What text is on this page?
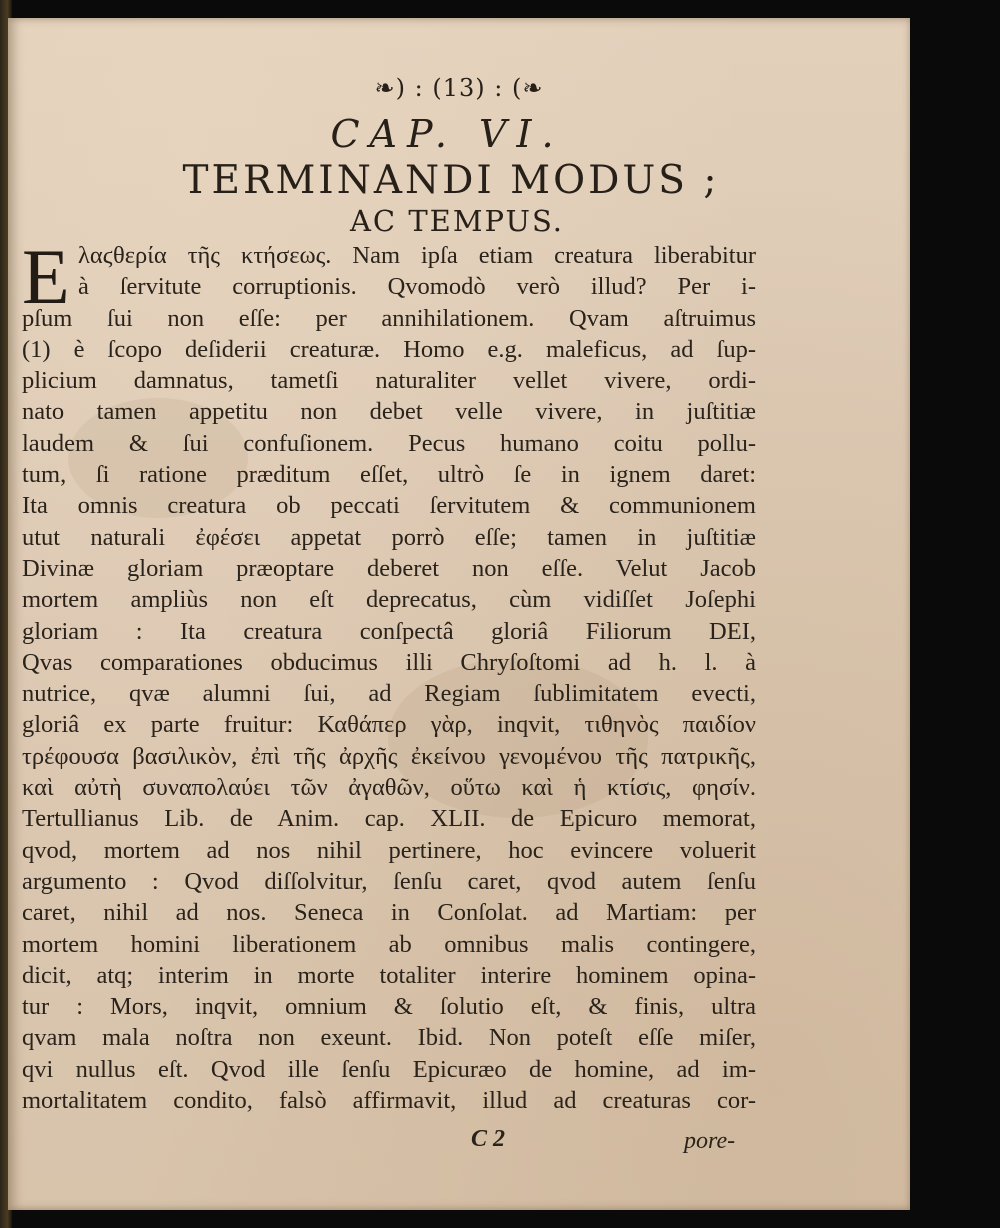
❧) : (13) : (❧
CAP. VI.
TERMINANDI MODUS ;
AC TEMPUS.
E λαϛθερία τῆς κτήσεως. Nam ipſa etiam creatura liberabitur
à ſervitute corruptionis. Qvomodò verò illud? Per i-
pſum ſui non eſſe: per annihilationem. Qvam aſtruimus
(1) è ſcopo deſiderii creaturæ. Homo e.g. maleficus, ad ſup-
plicium damnatus, tametſi naturaliter vellet vivere, ordi-
nato tamen appetitu non debet velle vivere, in juſtitiæ
laudem & ſui confuſionem. Pecus humano coitu pollu-
tum, ſi ratione præditum eſſet, ultrò ſe in ignem daret:
Ita omnis creatura ob peccati ſervitutem & communionem
utut naturali ἐφέσει appetat porrò eſſe; tamen in juſtitiæ
Divinæ gloriam præoptare deberet non eſſe. Velut Jacob
mortem ampliùs non eſt deprecatus, cùm vidiſſet Joſephi
gloriam : Ita creatura conſpectâ gloriâ Filiorum DEI,
Qvas comparationes obducimus illi Chryſoſtomi ad h. l. à
nutrice, qvæ alumni ſui, ad Regiam ſublimitatem evecti,
gloriâ ex parte fruitur: Καθάπερ γὰρ, inqvit, τιθηνὸς παιδίον
τρέφουσα βασιλικὸν, ἐπὶ τῆς ἀρχῆς ἐκείνου γενομένου τῆς πατρικῆς,
καὶ αὐτὴ συναπολαύει τῶν ἀγαθῶν, οὕτω καὶ ἡ κτίσις, φησίν.
Tertullianus Lib. de Anim. cap. XLII. de Epicuro memorat,
qvod, mortem ad nos nihil pertinere, hoc evincere voluerit
argumento : Qvod diſſolvitur, ſenſu caret, qvod autem ſenſu
caret, nihil ad nos. Seneca in Conſolat. ad Martiam: per
mortem homini liberationem ab omnibus malis contingere,
dicit, atq; interim in morte totaliter interire hominem opina-
tur : Mors, inqvit, omnium & ſolutio eſt, & finis, ultra
qvam mala noſtra non exeunt. Ibid. Non poteſt eſſe miſer,
qvi nullus eſt. Qvod ille ſenſu Epicuræo de homine, ad im-
mortalitatem condito, falsò affirmavit, illud ad creaturas cor-
C 2	pore-
